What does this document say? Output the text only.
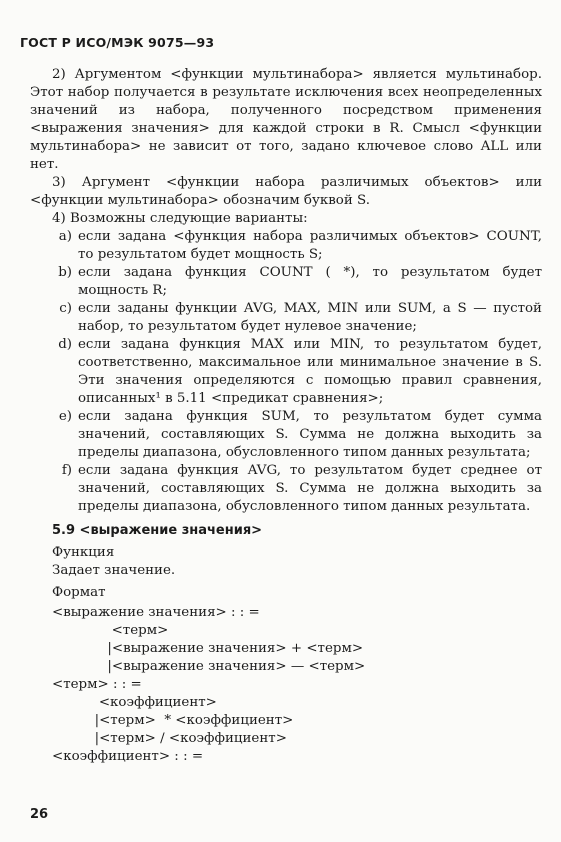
ГОСТ Р ИСО/МЭК 9075—93

2) Аргументом <функции мультинабора> является мультинабор. Этот набор получается в результате исключения всех неопределенных значений из набора, полученного посредством применения <выражения значения> для каждой строки в R. Смысл <функции мультинабора> не зависит от того, задано ключевое слово ALL или нет.

3) Аргумент <функции набора различимых объектов> или <функции мультинабора> обозначим буквой S.

4) Возможны следующие варианты:

a) если задана <функция набора различимых объектов> COUNT, то результатом будет мощность S;
b) если задана функция COUNT ( *), то результатом будет мощность R;
c) если заданы функции AVG, MAX, MIN или SUM, а S — пустой набор, то результатом будет нулевое значение;
d) если задана функция MAX или MIN, то результатом будет, соответственно, максимальное или минимальное значение в S. Эти значения определяются с помощью правил сравнения, описанных¹ в 5.11 <предикат сравнения>;
e) если задана функция SUM, то результатом будет сумма значений, составляющих S. Сумма не должна выходить за пределы диапазона, обусловленного типом данных результата;
f) если задана функция AVG, то результатом будет среднее от значений, составляющих S. Сумма не должна выходить за пределы диапазона, обусловленного типом данных результата.

5.9 <выражение значения>

Функция

Задает значение.

Формат

<выражение значения> : : =

<терм>

|<выражение значения> + <терм>

|<выражение значения> — <терм>

<терм> : : =

<коэффициент>

|<терм>  * <коэффициент>

|<терм> / <коэффициент>

<коэффициент> : : =

26
